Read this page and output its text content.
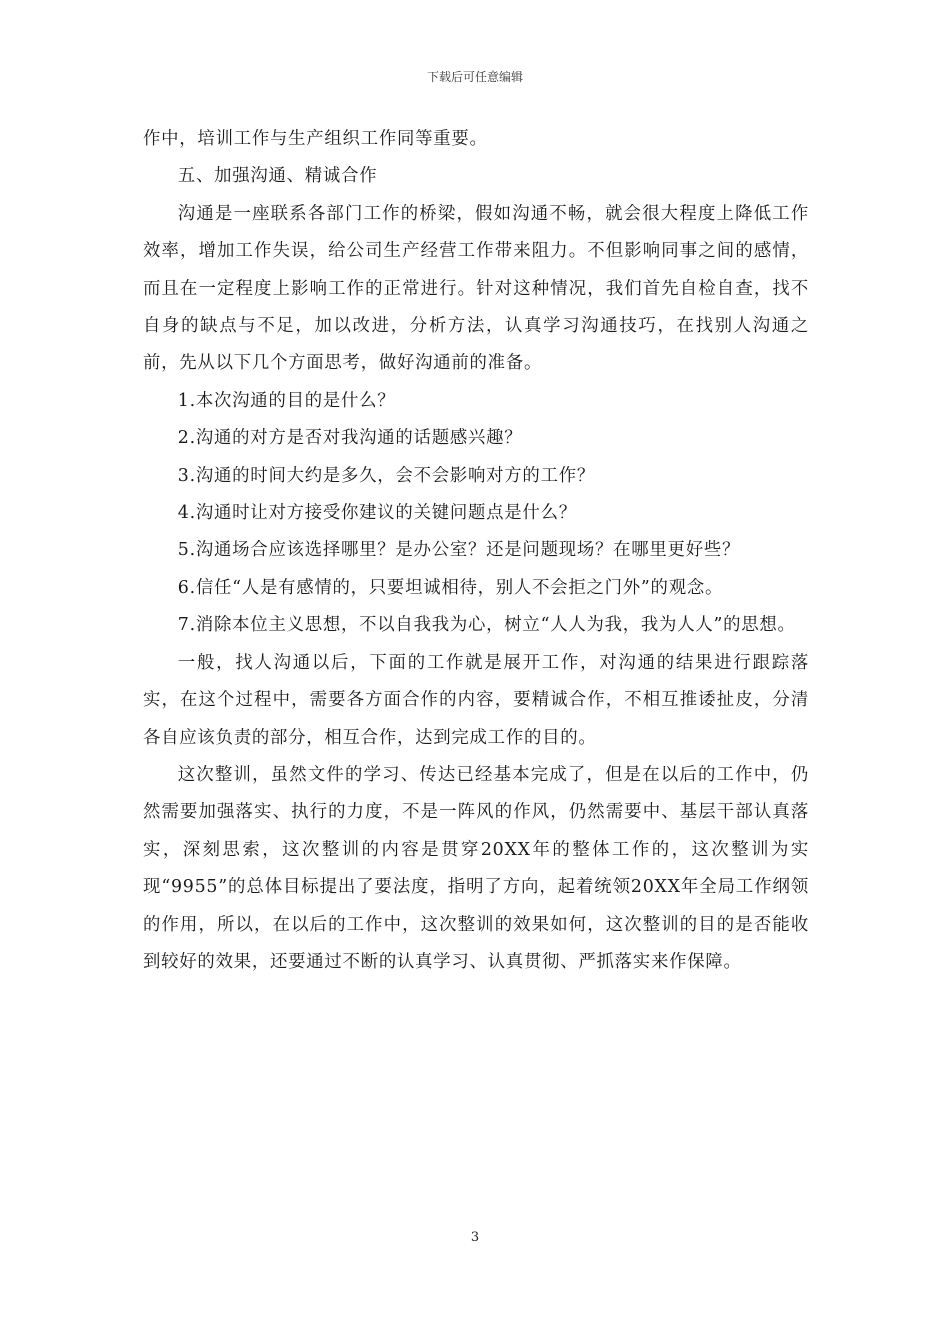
下载后可任意编辑

作中，培训工作与生产组织工作同等重要。

五、加强沟通、精诚合作

沟通是一座联系各部门工作的桥梁，假如沟通不畅，就会很大程度上降低工作效率，增加工作失误，给公司生产经营工作带来阻力。不但影响同事之间的感情，而且在一定程度上影响工作的正常进行。针对这种情况，我们首先自检自查，找不自身的缺点与不足，加以改进，分析方法，认真学习沟通技巧，在找别人沟通之前，先从以下几个方面思考，做好沟通前的准备。

1.本次沟通的目的是什么？

2.沟通的对方是否对我沟通的话题感兴趣？

3.沟通的时间大约是多久，会不会影响对方的工作？

4.沟通时让对方接受你建议的关键问题点是什么？

5.沟通场合应该选择哪里？是办公室？还是问题现场？在哪里更好些？

6.信任“人是有感情的，只要坦诚相待，别人不会拒之门外”的观念。

7.消除本位主义思想，不以自我我为心，树立“人人为我，我为人人”的思想。

一般，找人沟通以后，下面的工作就是展开工作，对沟通的结果进行跟踪落实，在这个过程中，需要各方面合作的内容，要精诚合作，不相互推诿扯皮，分清各自应该负责的部分，相互合作，达到完成工作的目的。

这次整训，虽然文件的学习、传达已经基本完成了，但是在以后的工作中，仍然需要加强落实、执行的力度，不是一阵风的作风，仍然需要中、基层干部认真落实，深刻思索，这次整训的内容是贯穿20XX年的整体工作的，这次整训为实现“9955”的总体目标提出了要法度，指明了方向，起着统领20XX年全局工作纲领的作用，所以，在以后的工作中，这次整训的效果如何，这次整训的目的是否能收到较好的效果，还要通过不断的认真学习、认真贯彻、严抓落实来作保障。

3
